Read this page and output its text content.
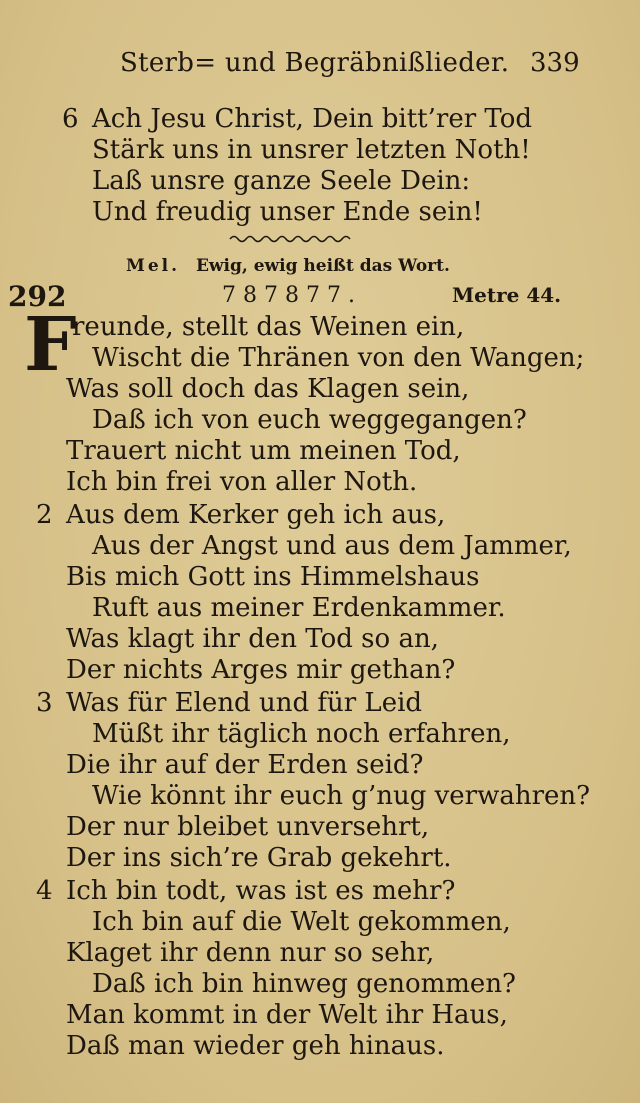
Sterb= und Begräbnißlieder. 339
6 Ach Jesu Christ, Dein bitt’rer Tod
Stärk uns in unsrer letzten Noth!
Laß unsre ganze Seele Dein:
Und freudig unser Ende sein!
Mel. Ewig, ewig heißt das Wort.
292	787877.	Metre 44.
F
reunde, stellt das Weinen ein,
Wischt die Thränen von den Wangen;
Was soll doch das Klagen sein,
Daß ich von euch weggegangen?
Trauert nicht um meinen Tod,
Ich bin frei von aller Noth.
2 Aus dem Kerker geh ich aus,
Aus der Angst und aus dem Jammer,
Bis mich Gott ins Himmelshaus
Ruft aus meiner Erdenkammer.
Was klagt ihr den Tod so an,
Der nichts Arges mir gethan?
3 Was für Elend und für Leid
Müßt ihr täglich noch erfahren,
Die ihr auf der Erden seid?
Wie könnt ihr euch g’nug verwahren?
Der nur bleibet unversehrt,
Der ins sich’re Grab gekehrt.
4 Ich bin todt, was ist es mehr?
Ich bin auf die Welt gekommen,
Klaget ihr denn nur so sehr,
Daß ich bin hinweg genommen?
Man kommt in der Welt ihr Haus,
Daß man wieder geh hinaus.
